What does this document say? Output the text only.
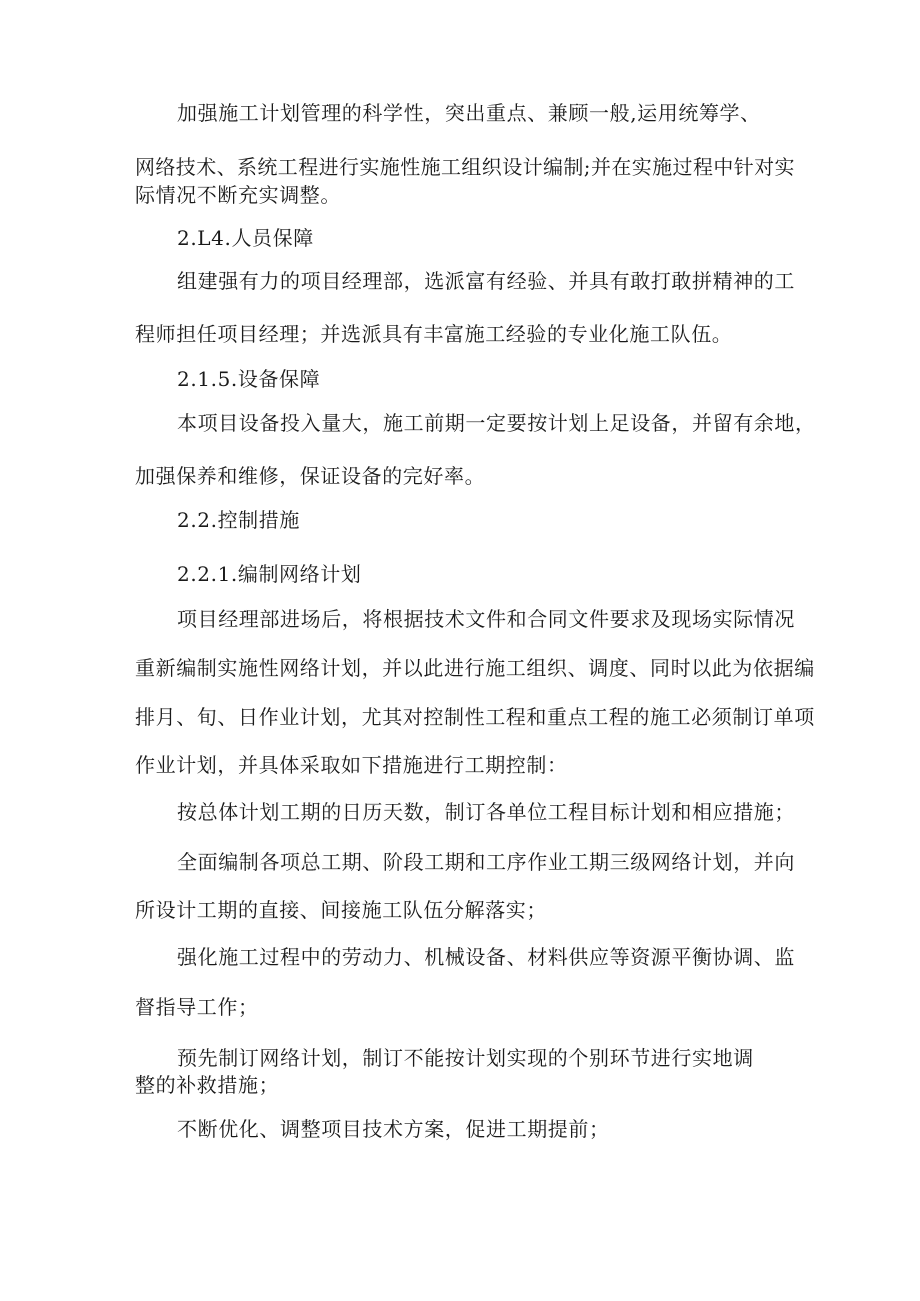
加强施工计划管理的科学性，突出重点、兼顾一般,运用统筹学、
网络技术、系统工程进行实施性施工组织设计编制;并在实施过程中针对实
际情况不断充实调整。
2.L4.人员保障
组建强有力的项目经理部，选派富有经验、并具有敢打敢拼精神的工
程师担任项目经理；并选派具有丰富施工经验的专业化施工队伍。
2.1.5.设备保障
本项目设备投入量大，施工前期一定要按计划上足设备，并留有余地，
加强保养和维修，保证设备的完好率。
2.2.控制措施
2.2.1.编制网络计划
项目经理部进场后，将根据技术文件和合同文件要求及现场实际情况
重新编制实施性网络计划，并以此进行施工组织、调度、同时以此为依据编
排月、旬、日作业计划，尤其对控制性工程和重点工程的施工必须制订单项
作业计划，并具体采取如下措施进行工期控制：
按总体计划工期的日历天数，制订各单位工程目标计划和相应措施；
全面编制各项总工期、阶段工期和工序作业工期三级网络计划，并向
所设计工期的直接、间接施工队伍分解落实；
强化施工过程中的劳动力、机械设备、材料供应等资源平衡协调、监
督指导工作；
预先制订网络计划，制订不能按计划实现的个别环节进行实地调
整的补救措施；
不断优化、调整项目技术方案，促进工期提前；
